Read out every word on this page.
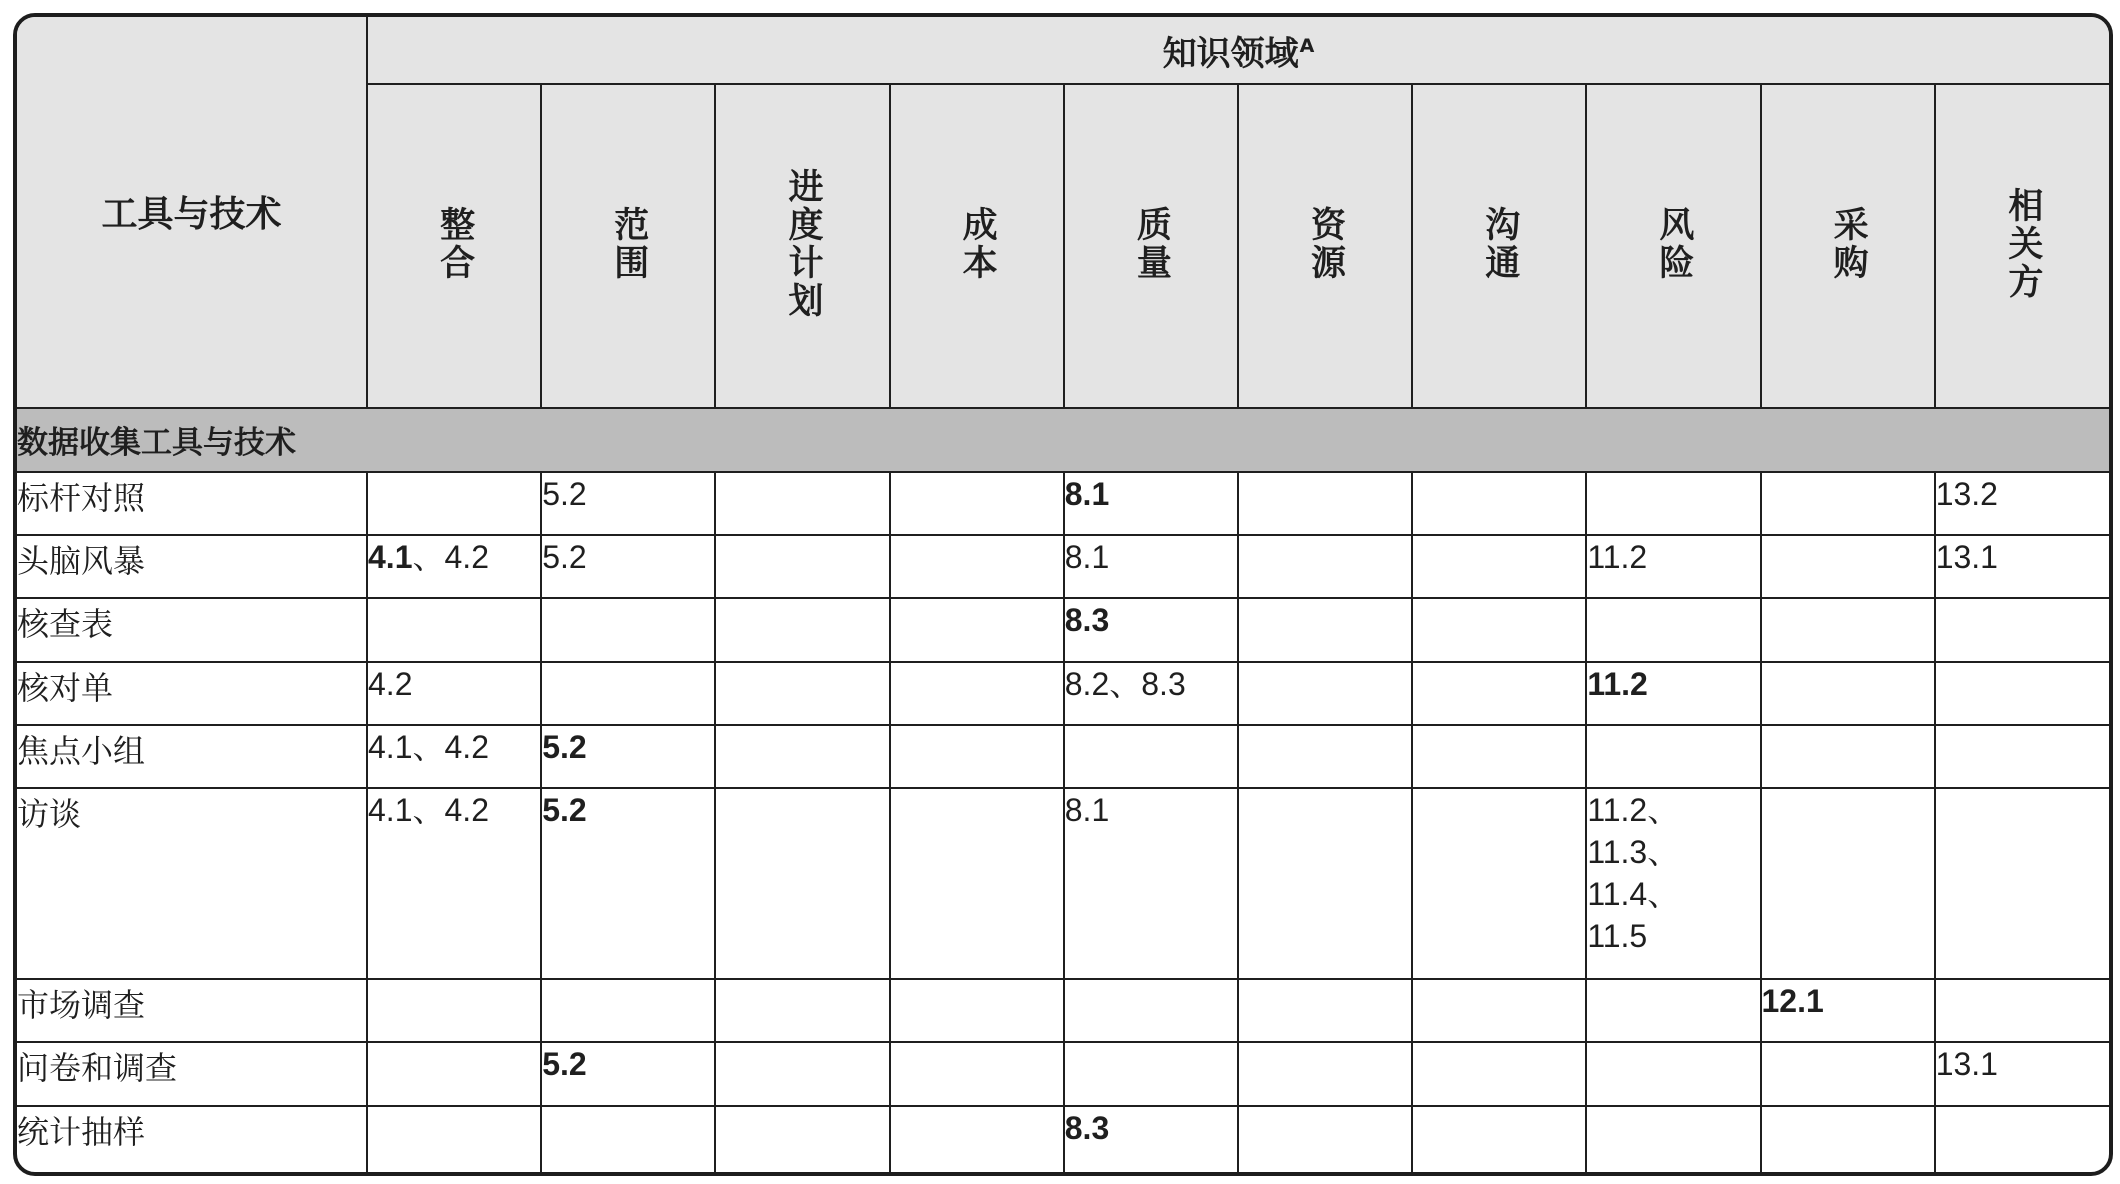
工具与技术	知识领域$^A$
	整合	范围	进度计划	成本	质量	资源	沟通	风险	采购	相关方
数据收集工具与技术										
标杆对照		5.2			8.1					13.2
头脑风暴	4.1、4.2	5.2			8.1			11.2		13.1
核查表					8.3					
核对单	4.2				8.2、8.3			11.2		
焦点小组	4.1、4.2	5.2								
访谈	4.1、4.2	5.2			8.1			11.2、
11.3、
11.4、
11.5		

市场调查									12.1	
问卷和调查		5.2								13.1
统计抽样					8.3					
